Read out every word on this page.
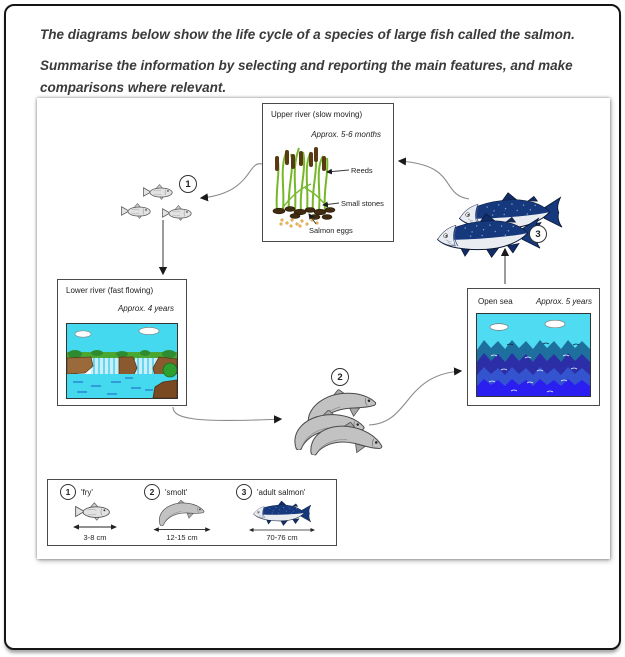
The diagrams below show the life cycle of a species of large fish called the salmon.

Summarise the information by selecting and reporting the main features, and make comparisons where relevant.

Upper river (slow moving)
Approx. 5-6 months
Reeds
Small stones
Salmon eggs
Lower river (fast flowing)
Approx. 4 years
Open sea	Approx. 5 years
1
2
3
1	'fry'
3-8 cm
2	'smolt'
12-15 cm
3	'adult salmon'
70-76 cm
